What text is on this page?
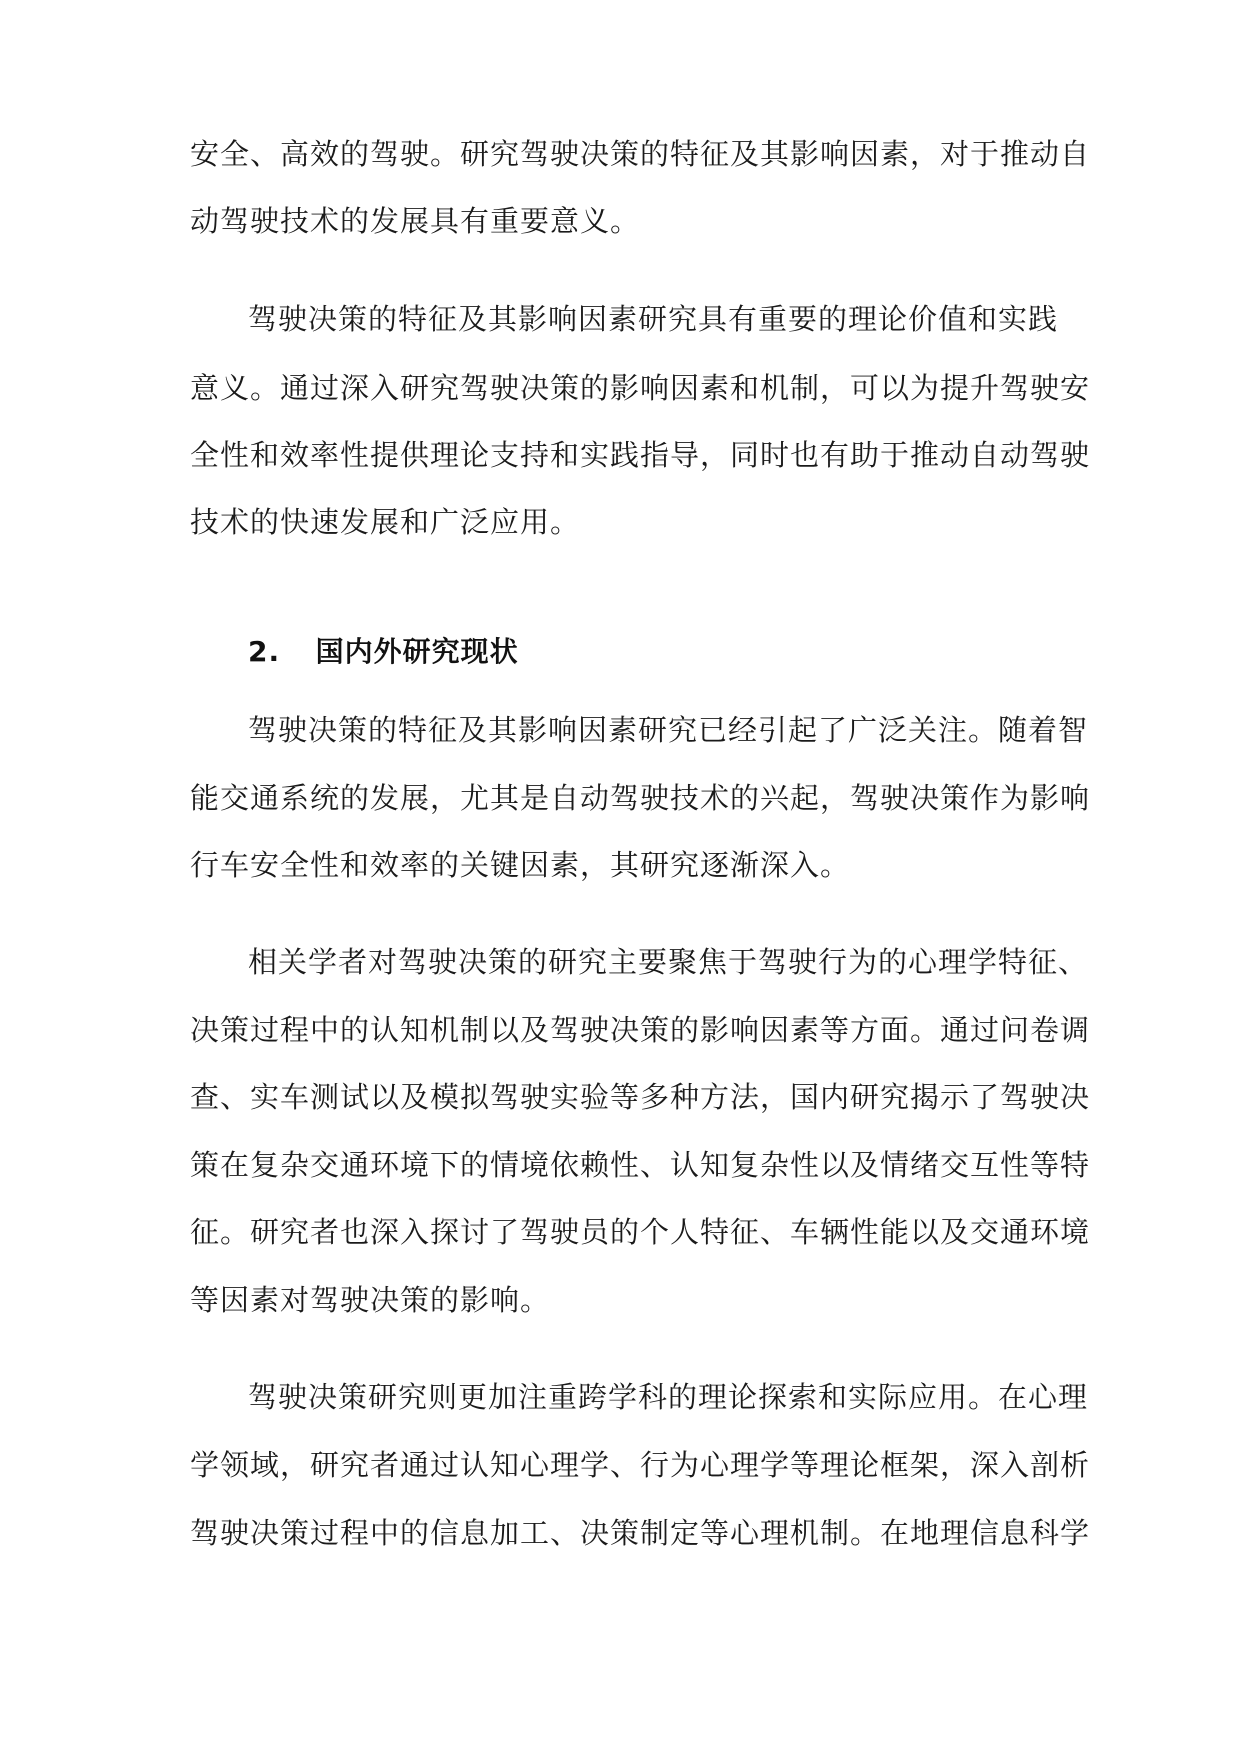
安全、高效的驾驶。研究驾驶决策的特征及其影响因素，对于推动自
动驾驶技术的发展具有重要意义。
驾驶决策的特征及其影响因素研究具有重要的理论价值和实践
意义。通过深入研究驾驶决策的影响因素和机制，可以为提升驾驶安
全性和效率性提供理论支持和实践指导，同时也有助于推动自动驾驶
技术的快速发展和广泛应用。
2. 国内外研究现状
驾驶决策的特征及其影响因素研究已经引起了广泛关注。随着智
能交通系统的发展，尤其是自动驾驶技术的兴起，驾驶决策作为影响
行车安全性和效率的关键因素，其研究逐渐深入。
相关学者对驾驶决策的研究主要聚焦于驾驶行为的心理学特征、
决策过程中的认知机制以及驾驶决策的影响因素等方面。通过问卷调
查、实车测试以及模拟驾驶实验等多种方法，国内研究揭示了驾驶决
策在复杂交通环境下的情境依赖性、认知复杂性以及情绪交互性等特
征。研究者也深入探讨了驾驶员的个人特征、车辆性能以及交通环境
等因素对驾驶决策的影响。
驾驶决策研究则更加注重跨学科的理论探索和实际应用。在心理
学领域，研究者通过认知心理学、行为心理学等理论框架，深入剖析
驾驶决策过程中的信息加工、决策制定等心理机制。在地理信息科学
